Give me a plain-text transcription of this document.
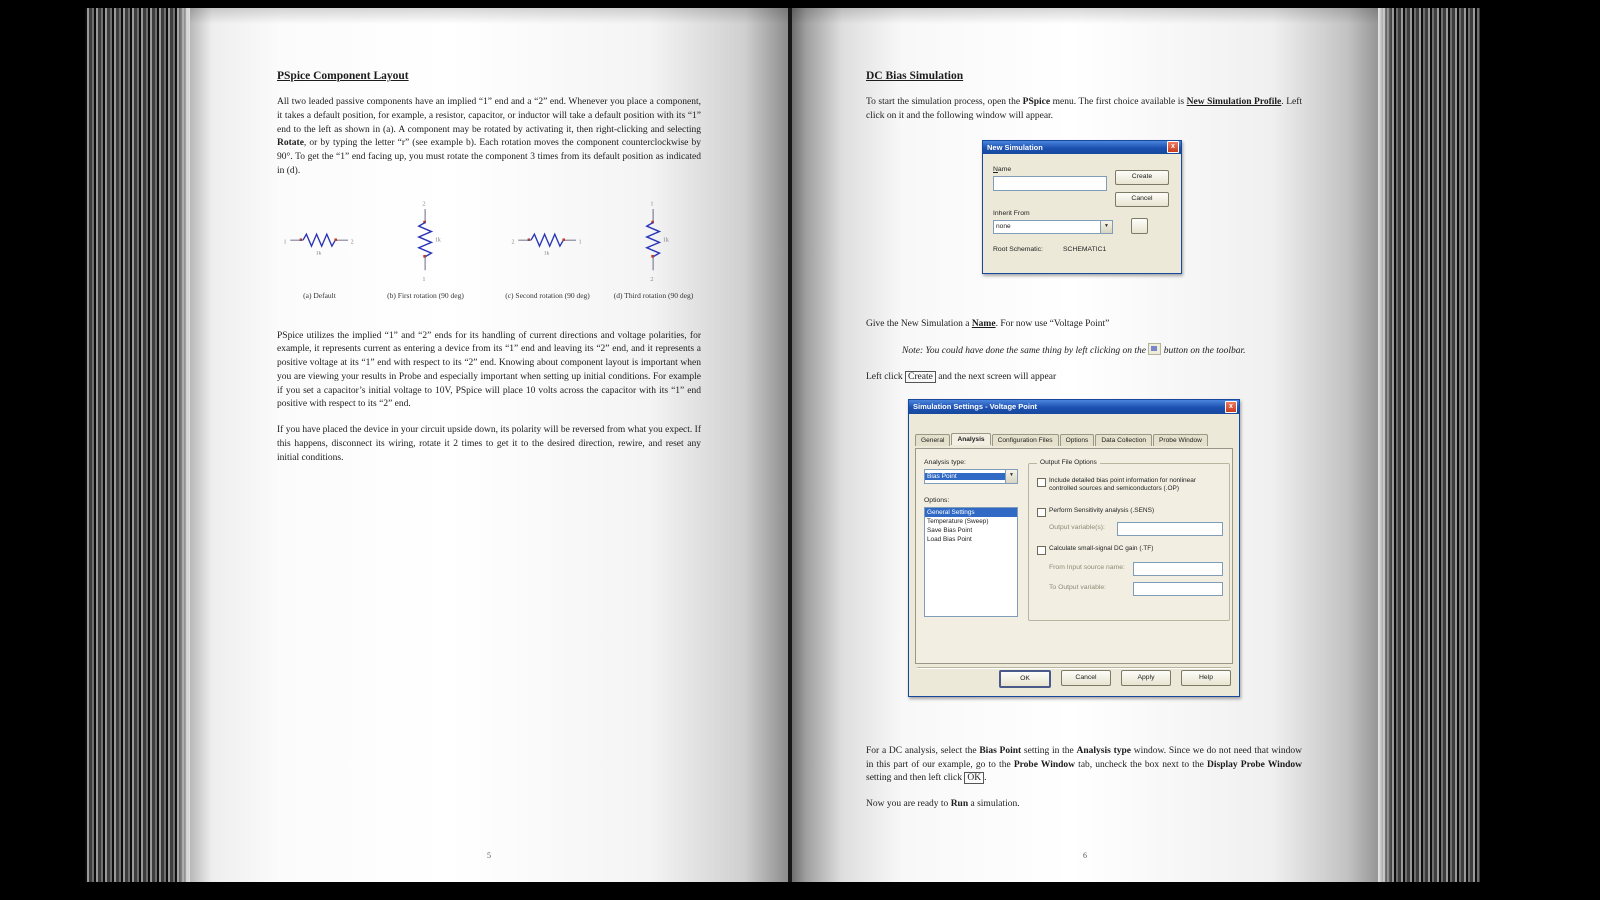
PSpice Component Layout

All two leaded passive components have an implied “1” end and a “2” end. Whenever you place a component, it takes a default position, for example, a resistor, capacitor, or inductor will take a default position with its “1” end to the left as shown in (a). A component may be rotated by activating it, then right-clicking and selecting Rotate, or by typing the letter “r” (see example b). Each rotation moves the component counterclockwise by 90°. To get the “1” end facing up, you must rotate the component 3 times from its default position as indicated in (d).

1	2
1k
2
1
1k	2	1
1k
1
2
1k
(a) Default	(b) First rotation (90 deg)	(c) Second rotation (90 deg)	(d) Third rotation (90 deg)

PSpice utilizes the implied “1” and “2” ends for its handling of current directions and voltage polarities, for example, it represents current as entering a device from its “1” end and leaving its “2” end, and it represents a positive voltage at its “1” end with respect to its “2” end. Knowing about component layout is important when you are viewing your results in Probe and especially important when setting up initial conditions. For example if you set a capacitor’s initial voltage to 10V, PSpice will place 10 volts across the capacitor with its “1” end positive with respect to its “2” end.

If you have placed the device in your circuit upside down, its polarity will be reversed from what you expect. If this happens, disconnect its wiring, rotate it 2 times to get it to the desired direction, rewire, and reset any initial conditions.

5
DC Bias Simulation

To start the simulation process, open the PSpice menu. The first choice available is New Simulation Profile. Left click on it and the following window will appear.

New Simulation	x
Name
Create
Cancel
Inherit From
none	▼
Root Schematic:	SCHEMATIC1

Give the New Simulation a Name. For now use “Voltage Point”

Note: You could have done the same thing by left clicking on the  button on the toolbar.

Left click Create and the next screen will appear

Simulation Settings - Voltage Point	x
General	Analysis	Configuration Files	Options	Data Collection	Probe Window
Analysis type:
Bias Point	▼
Options:
General Settings
Temperature (Sweep)
Save Bias Point
Load Bias Point
Output File Options
Include detailed bias point information for nonlinear controlled sources and semiconductors (.OP)
Perform Sensitivity analysis (.SENS)
Output variable(s):
Calculate small-signal DC gain (.TF)
From Input source name:
To Output variable:
OK	Cancel	Apply	Help

For a DC analysis, select the Bias Point setting in the Analysis type window. Since we do not need that window in this part of our example, go to the Probe Window tab, uncheck the box next to the Display Probe Window setting and then left click OK .

Now you are ready to Run a simulation.

6
